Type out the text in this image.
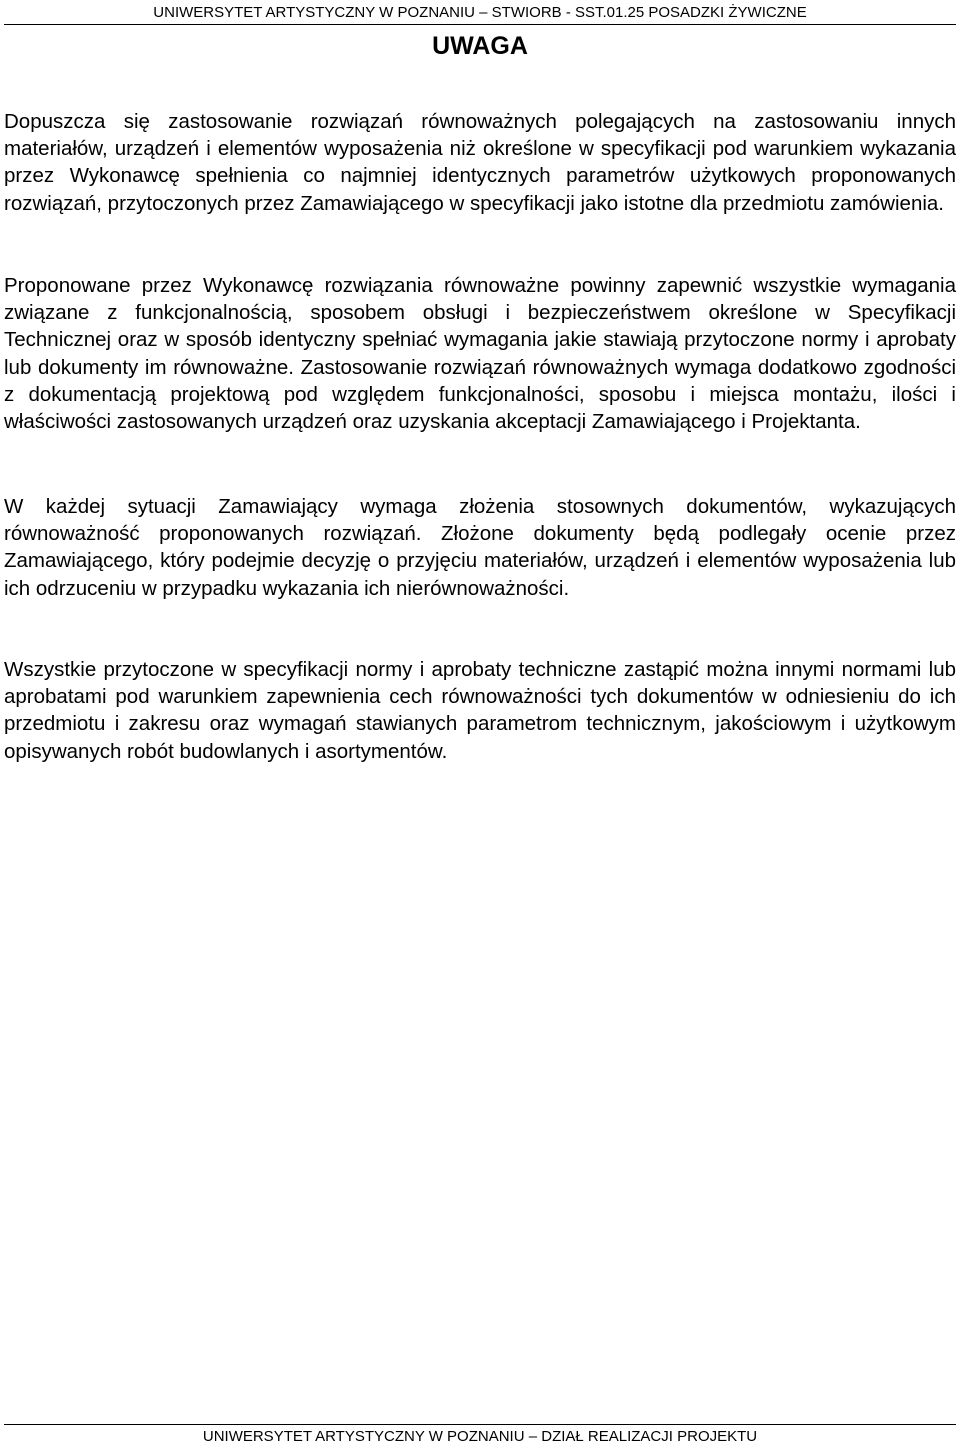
UNIWERSYTET ARTYSTYCZNY W POZNANIU – STWIORB - SST.01.25 POSADZKI ŻYWICZNE
UWAGA

Dopuszcza się zastosowanie rozwiązań równoważnych polegających na zastosowaniu innych materiałów, urządzeń i elementów wyposażenia niż określone w specyfikacji pod warunkiem wykazania przez Wykonawcę spełnienia co najmniej identycznych parametrów użytkowych proponowanych rozwiązań, przytoczonych przez Zamawiającego w specyfikacji jako istotne dla przedmiotu zamówienia.

Proponowane przez Wykonawcę rozwiązania równoważne powinny zapewnić wszystkie wymagania związane z funkcjonalnością, sposobem obsługi i bezpieczeństwem określone w Specyfikacji Technicznej oraz w sposób identyczny spełniać wymagania jakie stawiają przytoczone normy i aprobaty lub dokumenty im równoważne. Zastosowanie rozwiązań równoważnych wymaga dodatkowo zgodności z dokumentacją projektową pod względem funkcjonalności, sposobu i miejsca montażu, ilości i właściwości zastosowanych urządzeń oraz uzyskania akceptacji Zamawiającego i Projektanta.

W każdej sytuacji Zamawiający wymaga złożenia stosownych dokumentów, wykazujących równoważność proponowanych rozwiązań. Złożone dokumenty będą podlegały ocenie przez Zamawiającego, który podejmie decyzję o przyjęciu materiałów, urządzeń i elementów wyposażenia lub ich odrzuceniu w przypadku wykazania ich nierównoważności.

Wszystkie przytoczone w specyfikacji normy i aprobaty techniczne zastąpić można innymi normami lub aprobatami pod warunkiem zapewnienia cech równoważności tych dokumentów w odniesieniu do ich przedmiotu i zakresu oraz wymagań stawianych parametrom technicznym, jakościowym i użytkowym opisywanych robót budowlanych i asortymentów.

UNIWERSYTET ARTYSTYCZNY W POZNANIU – DZIAŁ REALIZACJI PROJEKTU
